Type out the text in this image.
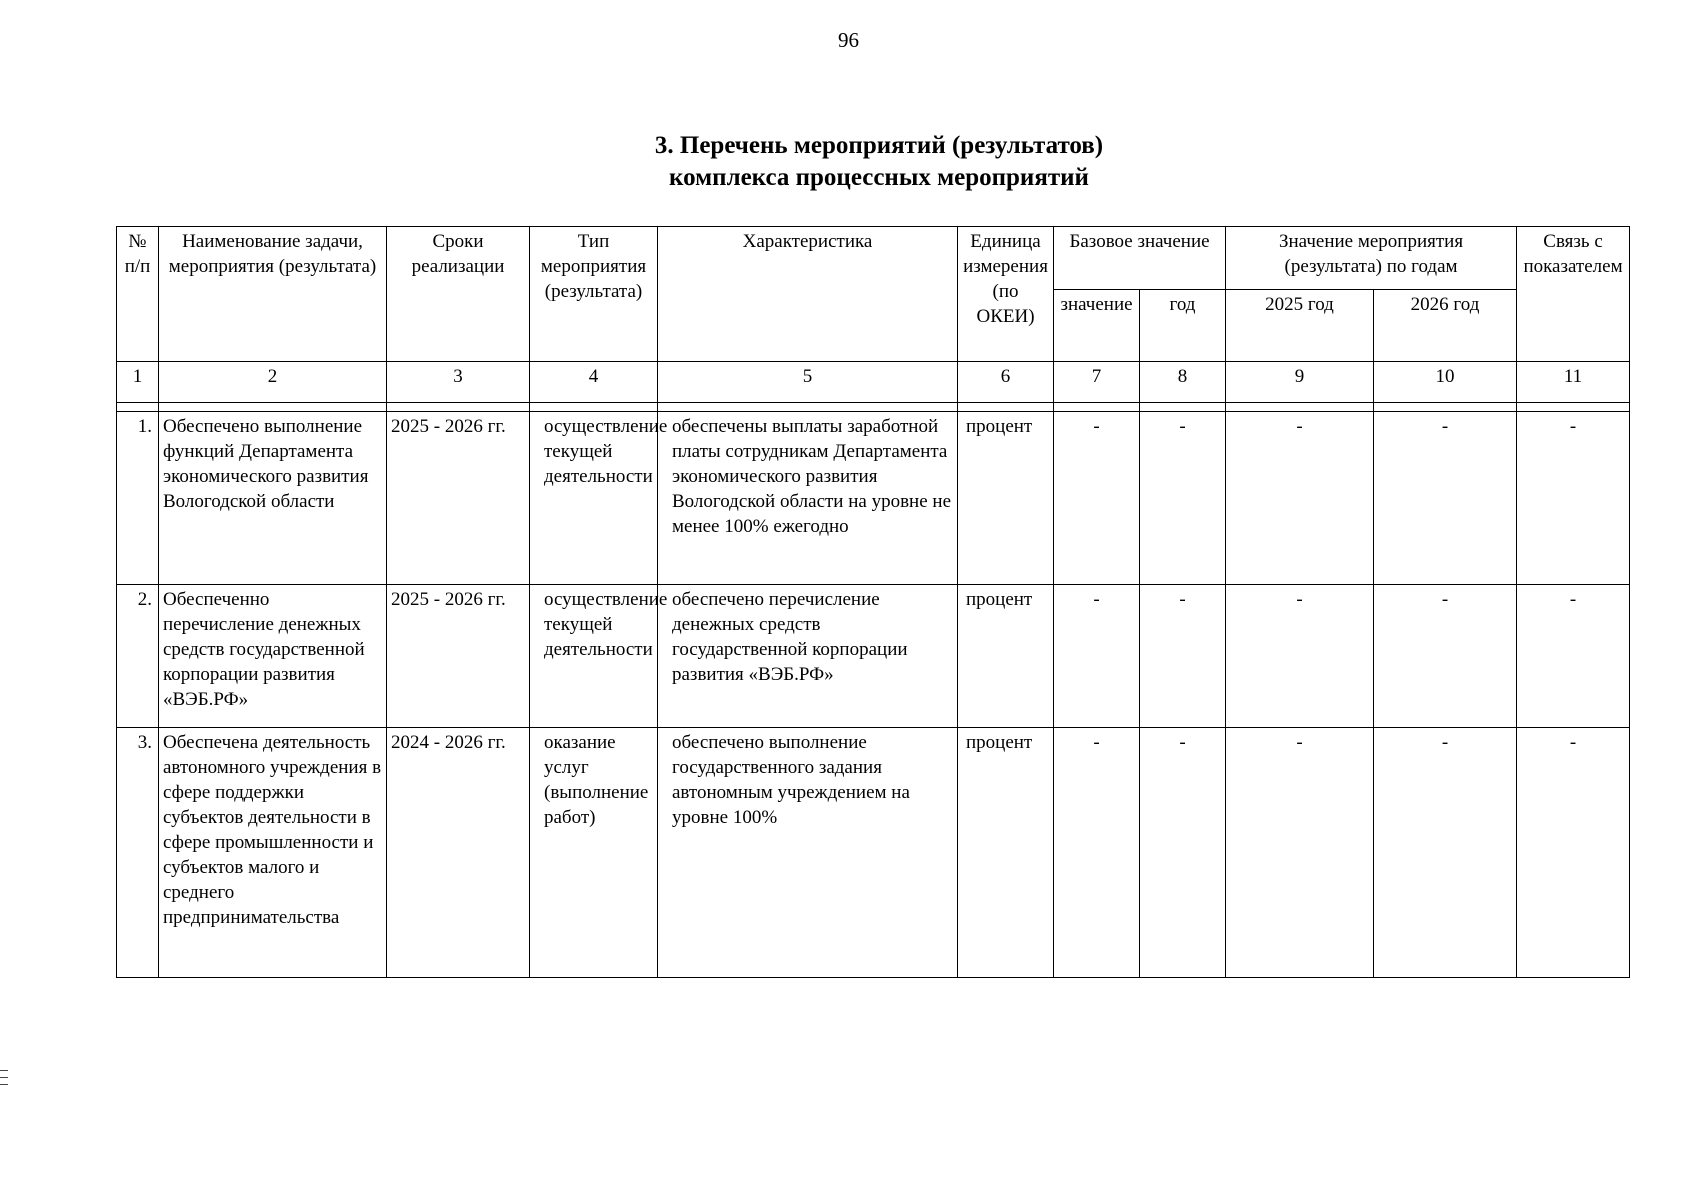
96
3. Перечень мероприятий (результатов)
комплекса процессных мероприятий
№ п/п	Наименование задачи, мероприятия (результата)	Сроки реализации	Тип мероприятия (результата)	Характеристика	Единица измерения (по ОКЕИ)	Базовое значение		Значение мероприятия (результата) по годам		Связь с показателем
						значение	год	2025 год	2026 год	
1	2	3	4	5	6	7	8	9	10	11

1.	Обеспечено выполнение функций Департамента экономического развития Вологодской области	2025 - 2026 гг.	осуществление текущей деятельности	обеспечены выплаты заработной платы сотрудникам Департамента экономического развития Вологодской области на уровне не менее 100% ежегодно	процент	-	-	-	-	-
2.	Обеспеченно перечисление денежных средств государственной корпорации развития «ВЭБ.РФ»	2025 - 2026 гг.	осуществление текущей деятельности	обеспечено перечисление денежных средств государственной корпорации развития «ВЭБ.РФ»	процент	-	-	-	-	-
3.	Обеспечена деятельность автономного учреждения в сфере поддержки субъектов деятельности в сфере промышленности и субъектов малого и среднего предпринимательства	2024 - 2026 гг.	оказание услуг (выполнение работ)	обеспечено выполнение государственного задания автономным учреждением на уровне 100%	процент	-	-	-	-	-
